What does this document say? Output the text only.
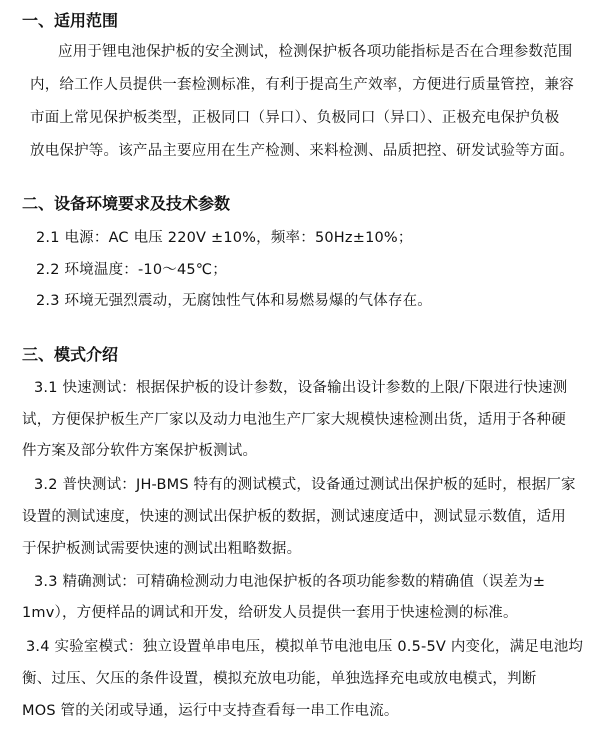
一、适用范围
应用于锂电池保护板的安全测试，检测保护板各项功能指标是否在合理参数范围
内，给工作人员提供一套检测标准，有利于提高生产效率，方便进行质量管控，兼容
市面上常见保护板类型，正极同口（异口）、负极同口（异口）、正极充电保护负极
放电保护等。该产品主要应用在生产检测、来料检测、品质把控、研发试验等方面。
二、设备环境要求及技术参数
2.1 电源：AC 电压 220V ±10%，频率：50Hz±10%；
2.2 环境温度：-10～45℃；
2.3 环境无强烈震动，无腐蚀性气体和易燃易爆的气体存在。
三、模式介绍
3.1 快速测试：根据保护板的设计参数，设备输出设计参数的上限/下限进行快速测
试，方便保护板生产厂家以及动力电池生产厂家大规模快速检测出货，适用于各种硬
件方案及部分软件方案保护板测试。
3.2 普快测试：JH-BMS 特有的测试模式，设备通过测试出保护板的延时，根据厂家
设置的测试速度，快速的测试出保护板的数据，测试速度适中，测试显示数值，适用
于保护板测试需要快速的测试出粗略数据。
3.3 精确测试：可精确检测动力电池保护板的各项功能参数的精确值（误差为±
1mv），方便样品的调试和开发，给研发人员提供一套用于快速检测的标准。
3.4 实验室模式：独立设置单串电压，模拟单节电池电压 0.5-5V 内变化，满足电池均
衡、过压、欠压的条件设置，模拟充放电功能，单独选择充电或放电模式，判断
MOS 管的关闭或导通，运行中支持查看每一串工作电流。
